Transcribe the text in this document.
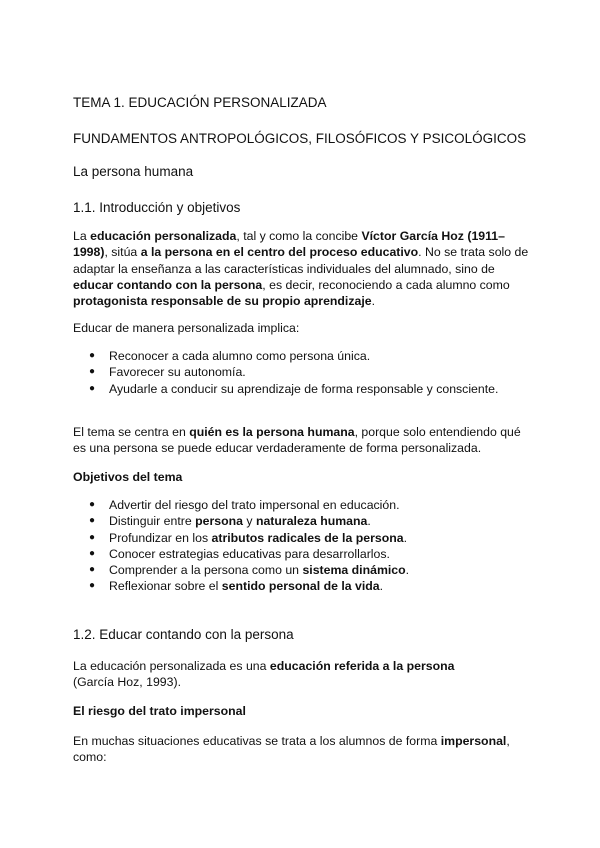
TEMA 1. EDUCACIÓN PERSONALIZADA
FUNDAMENTOS ANTROPOLÓGICOS, FILOSÓFICOS Y PSICOLÓGICOS
La persona humana
1.1. Introducción y objetivos

La educación personalizada, tal y como la concibe Víctor García Hoz (1911–1998), sitúa a la persona en el centro del proceso educativo. No se trata solo de adaptar la enseñanza a las características individuales del alumnado, sino de educar contando con la persona, es decir, reconociendo a cada alumno como protagonista responsable de su propio aprendizaje.

Educar de manera personalizada implica:

● Reconocer a cada alumno como persona única.
● Favorecer su autonomía.
● Ayudarle a conducir su aprendizaje de forma responsable y consciente.

El tema se centra en quién es la persona humana, porque solo entendiendo qué es una persona se puede educar verdaderamente de forma personalizada.

Objetivos del tema

● Advertir del riesgo del trato impersonal en educación.
● Distinguir entre persona y naturaleza humana.
● Profundizar en los atributos radicales de la persona.
● Conocer estrategias educativas para desarrollarlos.
● Comprender a la persona como un sistema dinámico.
● Reflexionar sobre el sentido personal de la vida.
1.2. Educar contando con la persona

La educación personalizada es una educación referida a la persona (García Hoz, 1993).

El riesgo del trato impersonal

En muchas situaciones educativas se trata a los alumnos de forma impersonal, como:
